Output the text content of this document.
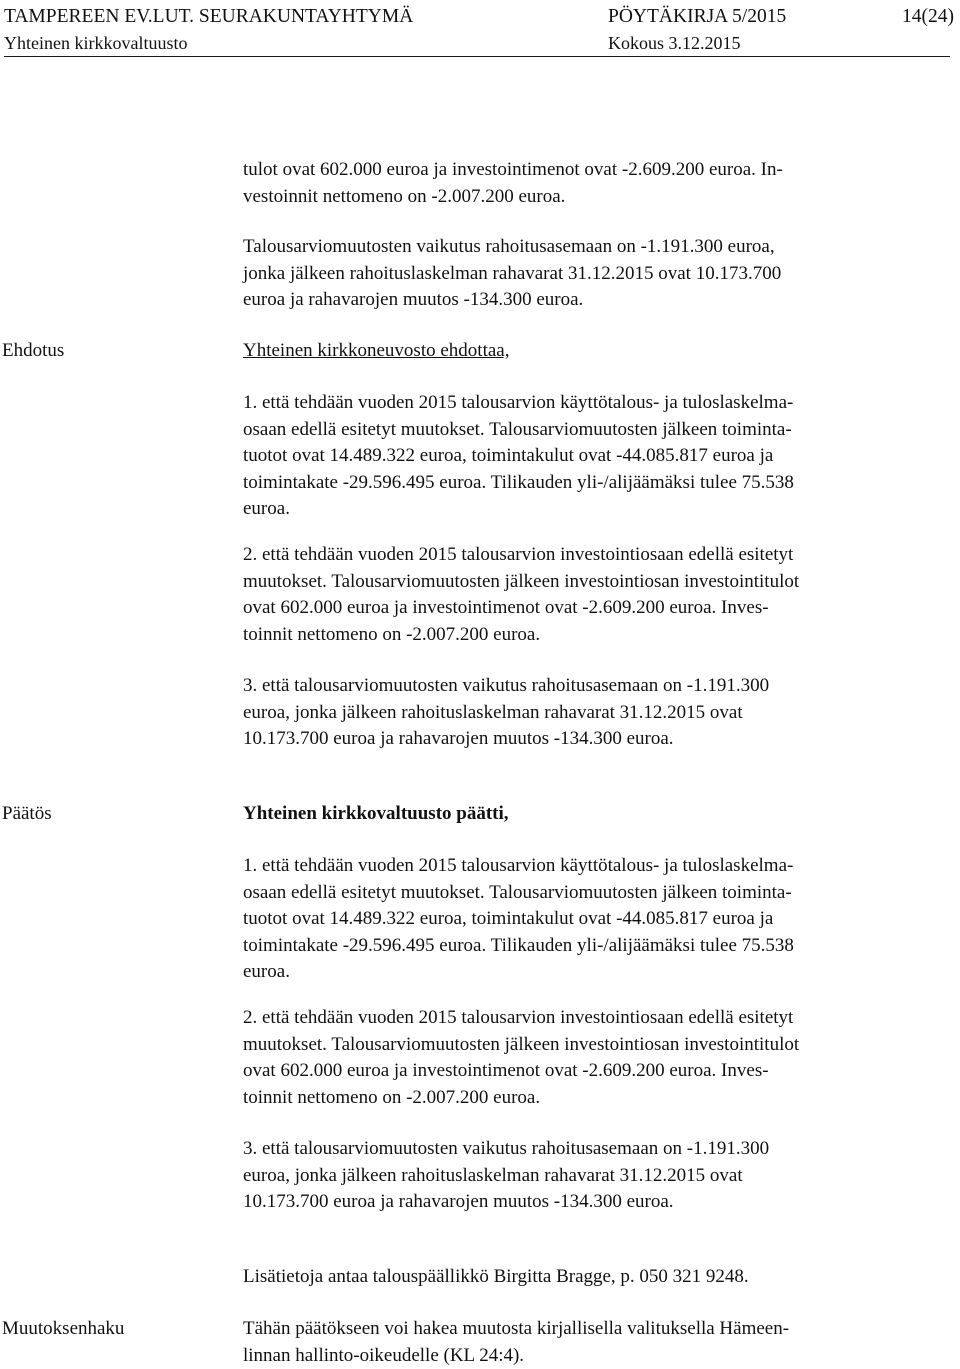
TAMPEREEN EV.LUT. SEURAKUNTAYHTYMÄ	PÖYTÄKIRJA 5/2015	14(24)
Yhteinen kirkkovaltuusto	Kokous 3.12.2015

tulot ovat 602.000 euroa ja investointimenot ovat -2.609.200 euroa. In-

vestoinnit nettomeno on -2.007.200 euroa.

Talousarviomuutosten vaikutus rahoitusasemaan on -1.191.300 euroa,

jonka jälkeen rahoituslaskelman rahavarat 31.12.2015 ovat 10.173.700

euroa ja rahavarojen muutos -134.300 euroa.

Ehdotus	Yhteinen kirkkoneuvosto ehdottaa,

1. että tehdään vuoden 2015 talousarvion käyttötalous- ja tuloslaskelma-

osaan edellä esitetyt muutokset. Talousarviomuutosten jälkeen toiminta-

tuotot ovat 14.489.322 euroa, toimintakulut ovat -44.085.817 euroa ja

toimintakate -29.596.495 euroa. Tilikauden yli-/alijäämäksi tulee 75.538

euroa.

2. että tehdään vuoden 2015 talousarvion investointiosaan edellä esitetyt

muutokset. Talousarviomuutosten jälkeen investointiosan investointitulot

ovat 602.000 euroa ja investointimenot ovat -2.609.200 euroa. Inves-

toinnit nettomeno on -2.007.200 euroa.

3. että talousarviomuutosten vaikutus rahoitusasemaan on -1.191.300

euroa, jonka jälkeen rahoituslaskelman rahavarat 31.12.2015 ovat

10.173.700 euroa ja rahavarojen muutos -134.300 euroa.

Päätös	Yhteinen kirkkovaltuusto päätti,

1. että tehdään vuoden 2015 talousarvion käyttötalous- ja tuloslaskelma-

osaan edellä esitetyt muutokset. Talousarviomuutosten jälkeen toiminta-

tuotot ovat 14.489.322 euroa, toimintakulut ovat -44.085.817 euroa ja

toimintakate -29.596.495 euroa. Tilikauden yli-/alijäämäksi tulee 75.538

euroa.

2. että tehdään vuoden 2015 talousarvion investointiosaan edellä esitetyt

muutokset. Talousarviomuutosten jälkeen investointiosan investointitulot

ovat 602.000 euroa ja investointimenot ovat -2.609.200 euroa. Inves-

toinnit nettomeno on -2.007.200 euroa.

3. että talousarviomuutosten vaikutus rahoitusasemaan on -1.191.300

euroa, jonka jälkeen rahoituslaskelman rahavarat 31.12.2015 ovat

10.173.700 euroa ja rahavarojen muutos -134.300 euroa.

Lisätietoja antaa talouspäällikkö Birgitta Bragge, p. 050 321 9248.

Muutoksenhaku	Tähän päätökseen voi hakea muutosta kirjallisella valituksella Hämeen-

linnan hallinto-oikeudelle (KL 24:4).
